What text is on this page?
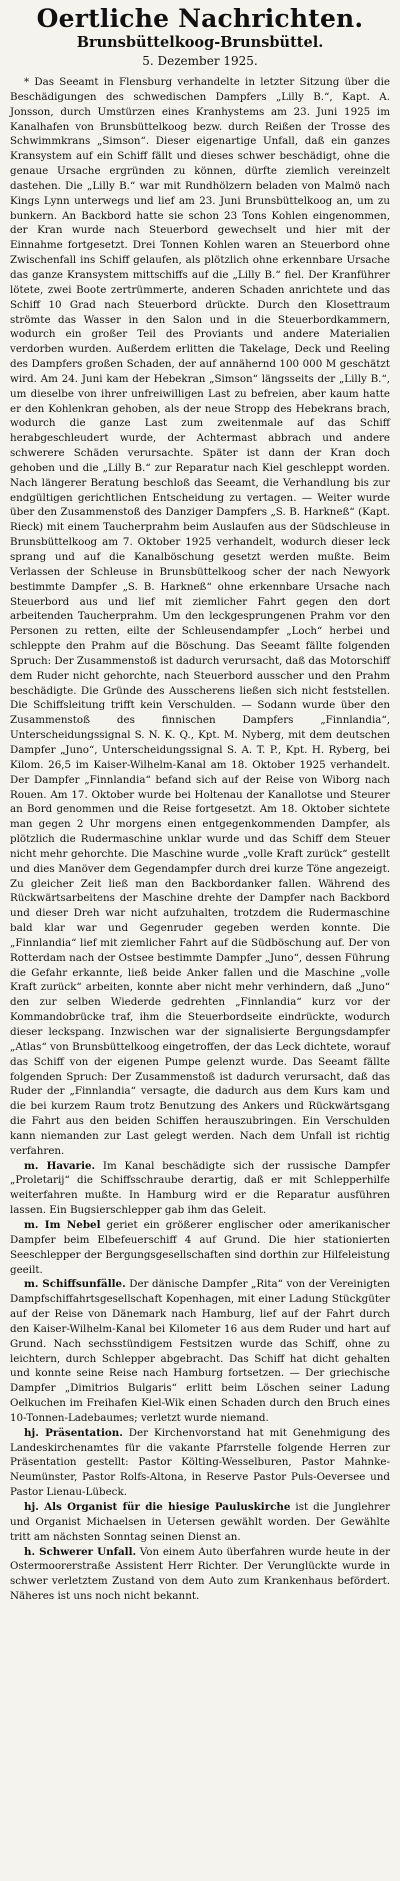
Oertliche Nachrichten.
Brunsbüttelkoog-Brunsbüttel.
5. Dezember 1925.

* Das Seeamt in Flensburg verhandelte in letzter Sitzung über die Beschädigungen des schwedischen Dampfers „Lilly B.“, Kapt. A. Jonsson, durch Umstürzen eines Kranhystems am 23. Juni 1925 im Kanalhafen von Brunsbüttelkoog bezw. durch Reißen der Trosse des Schwimmkrans „Simson“. Dieser eigenartige Unfall, daß ein ganzes Kransystem auf ein Schiff fällt und dieses schwer beschädigt, ohne die genaue Ursache ergründen zu können, dürfte ziemlich vereinzelt dastehen. Die „Lilly B.“ war mit Rundhölzern beladen von Malmö nach Kings Lynn unterwegs und lief am 23. Juni Brunsbüttelkoog an, um zu bunkern. An Backbord hatte sie schon 23 Tons Kohlen eingenommen, der Kran wurde nach Steuerbord gewechselt und hier mit der Einnahme fortgesetzt. Drei Tonnen Kohlen waren an Steuerbord ohne Zwischenfall ins Schiff gelaufen, als plötzlich ohne erkennbare Ursache das ganze Kransystem mittschiffs auf die „Lilly B.“ fiel. Der Kranführer lötete, zwei Boote zertrümmerte, anderen Schaden anrichtete und das Schiff 10 Grad nach Steuerbord drückte. Durch den Klosettraum strömte das Wasser in den Salon und in die Steuerbordkammern, wodurch ein großer Teil des Proviants und andere Materialien verdorben wurden. Außerdem erlitten die Takelage, Deck und Reeling des Dampfers großen Schaden, der auf annähernd 100 000 M geschätzt wird. Am 24. Juni kam der Hebekran „Simson“ längsseits der „Lilly B.“, um dieselbe von ihrer unfreiwilligen Last zu befreien, aber kaum hatte er den Kohlenkran gehoben, als der neue Stropp des Hebekrans brach, wodurch die ganze Last zum zweitenmale auf das Schiff herabgeschleudert wurde, der Achtermast abbrach und andere schwerere Schäden verursachte. Später ist dann der Kran doch gehoben und die „Lilly B.“ zur Reparatur nach Kiel geschleppt worden. Nach längerer Beratung beschloß das Seeamt, die Verhandlung bis zur endgültigen gerichtlichen Entscheidung zu vertagen. — Weiter wurde über den Zusammenstoß des Danziger Dampfers „S. B. Harkneß“ (Kapt. Rieck) mit einem Taucherprahm beim Auslaufen aus der Südschleuse in Brunsbüttelkoog am 7. Oktober 1925 verhandelt, wodurch dieser leck sprang und auf die Kanalböschung gesetzt werden mußte. Beim Verlassen der Schleuse in Brunsbüttelkoog scher der nach Newyork bestimmte Dampfer „S. B. Harkneß“ ohne erkennbare Ursache nach Steuerbord aus und lief mit ziemlicher Fahrt gegen den dort arbeitenden Taucherprahm. Um den leckgesprungenen Prahm vor den Personen zu retten, eilte der Schleusendampfer „Loch“ herbei und schleppte den Prahm auf die Böschung. Das Seeamt fällte folgenden Spruch: Der Zusammenstoß ist dadurch verursacht, daß das Motorschiff dem Ruder nicht gehorchte, nach Steuerbord ausscher und den Prahm beschädigte. Die Gründe des Ausscherens ließen sich nicht feststellen. Die Schiffsleitung trifft kein Verschulden. — Sodann wurde über den Zusammenstoß des finnischen Dampfers „Finnlandia“, Unterscheidungssignal S. N. K. Q., Kpt. M. Nyberg, mit dem deutschen Dampfer „Juno“, Unterscheidungssignal S. A. T. P., Kpt. H. Ryberg, bei Kilom. 26,5 im Kaiser-Wilhelm-Kanal am 18. Oktober 1925 verhandelt. Der Dampfer „Finnlandia“ befand sich auf der Reise von Wiborg nach Rouen. Am 17. Oktober wurde bei Holtenau der Kanallotse und Steurer an Bord genommen und die Reise fortgesetzt. Am 18. Oktober sichtete man gegen 2 Uhr morgens einen entgegenkommenden Dampfer, als plötzlich die Rudermaschine unklar wurde und das Schiff dem Steuer nicht mehr gehorchte. Die Maschine wurde „volle Kraft zurück“ gestellt und dies Manöver dem Gegendampfer durch drei kurze Töne angezeigt. Zu gleicher Zeit ließ man den Backbordanker fallen. Während des Rückwärtsarbeitens der Maschine drehte der Dampfer nach Backbord und dieser Dreh war nicht aufzuhalten, trotzdem die Rudermaschine bald klar war und Gegenruder gegeben werden konnte. Die „Finnlandia“ lief mit ziemlicher Fahrt auf die Südböschung auf. Der von Rotterdam nach der Ostsee bestimmte Dampfer „Juno“, dessen Führung die Gefahr erkannte, ließ beide Anker fallen und die Maschine „volle Kraft zurück“ arbeiten, konnte aber nicht mehr verhindern, daß „Juno“ den zur selben Wiederde gedrehten „Finnlandia“ kurz vor der Kommandobrücke traf, ihm die Steuerbordseite eindrückte, wodurch dieser leckspang. Inzwischen war der signalisierte Bergungsdampfer „Atlas“ von Brunsbüttelkoog eingetroffen, der das Leck dichtete, worauf das Schiff von der eigenen Pumpe gelenzt wurde. Das Seeamt fällte folgenden Spruch: Der Zusammenstoß ist dadurch verursacht, daß das Ruder der „Finnlandia“ versagte, die dadurch aus dem Kurs kam und die bei kurzem Raum trotz Benutzung des Ankers und Rückwärtsgang die Fahrt aus den beiden Schiffen herauszubringen. Ein Verschulden kann niemanden zur Last gelegt werden. Nach dem Unfall ist richtig verfahren.

m. Havarie. Im Kanal beschädigte sich der russische Dampfer „Proletarij“ die Schiffsschraube derartig, daß er mit Schlepperhilfe weiterfahren mußte. In Hamburg wird er die Reparatur ausführen lassen. Ein Bugsierschlepper gab ihm das Geleit.

m. Im Nebel geriet ein größerer englischer oder amerikanischer Dampfer beim Elbefeuerschiff 4 auf Grund. Die hier stationierten Seeschlepper der Bergungsgesellschaften sind dorthin zur Hilfeleistung geeilt.

m. Schiffsunfälle. Der dänische Dampfer „Rita“ von der Vereinigten Dampfschiffahrtsgesellschaft Kopenhagen, mit einer Ladung Stückgüter auf der Reise von Dänemark nach Hamburg, lief auf der Fahrt durch den Kaiser-Wilhelm-Kanal bei Kilometer 16 aus dem Ruder und hart auf Grund. Nach sechsstündigem Festsitzen wurde das Schiff, ohne zu leichtern, durch Schlepper abgebracht. Das Schiff hat dicht gehalten und konnte seine Reise nach Hamburg fortsetzen. — Der griechische Dampfer „Dimitrios Bulgaris“ erlitt beim Löschen seiner Ladung Oelkuchen im Freihafen Kiel-Wik einen Schaden durch den Bruch eines 10-Tonnen-Ladebaumes; verletzt wurde niemand.

hj. Präsentation. Der Kirchenvorstand hat mit Genehmigung des Landeskirchenamtes für die vakante Pfarrstelle folgende Herren zur Präsentation gestellt: Pastor Költing-Wesselburen, Pastor Mahnke-Neumünster, Pastor Rolfs-Altona, in Reserve Pastor Puls-Oeversee und Pastor Lienau-Lübeck.

hj. Als Organist für die hiesige Pauluskirche ist die Junglehrer und Organist Michaelsen in Uetersen gewählt worden. Der Gewählte tritt am nächsten Sonntag seinen Dienst an.

h. Schwerer Unfall. Von einem Auto überfahren wurde heute in der Ostermoorerstraße Assistent Herr Richter. Der Verunglückte wurde in schwer verletztem Zustand von dem Auto zum Krankenhaus befördert. Näheres ist uns noch nicht bekannt.
